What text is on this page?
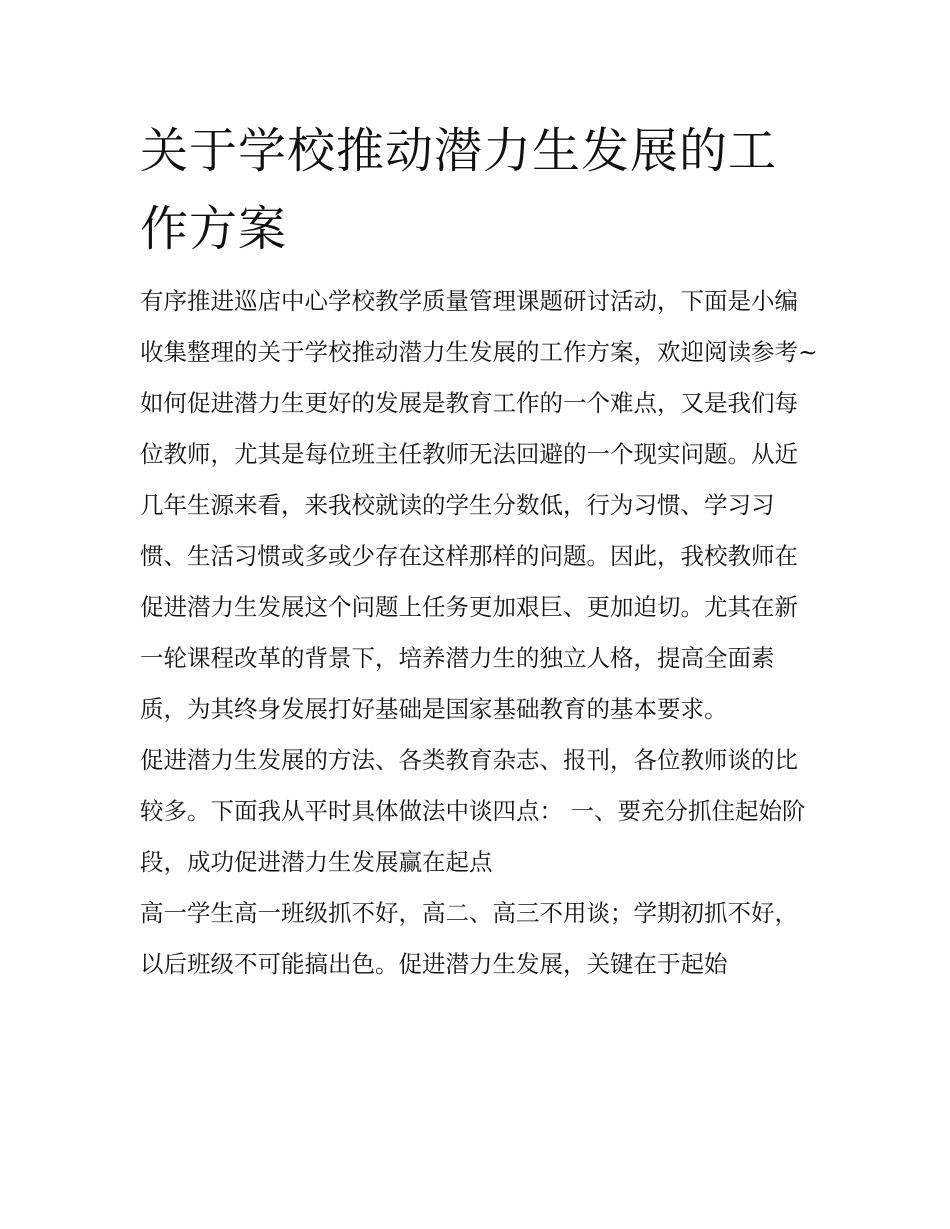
关于学校推动潜力生发展的工作方案

有序推进巡店中心学校教学质量管理课题研讨活动，下面是小编收集整理的关于学校推动潜力生发展的工作方案，欢迎阅读参考~

如何促进潜力生更好的发展是教育工作的一个难点，又是我们每位教师，尤其是每位班主任教师无法回避的一个现实问题。从近几年生源来看，来我校就读的学生分数低，行为习惯、学习习惯、生活习惯或多或少存在这样那样的问题。因此，我校教师在促进潜力生发展这个问题上任务更加艰巨、更加迫切。尤其在新一轮课程改革的背景下，培养潜力生的独立人格，提高全面素质，为其终身发展打好基础是国家基础教育的基本要求。

促进潜力生发展的方法、各类教育杂志、报刊，各位教师谈的比较多。下面我从平时具体做法中谈四点： 一、要充分抓住起始阶段，成功促进潜力生发展赢在起点

高一学生高一班级抓不好，高二、高三不用谈；学期初抓不好，以后班级不可能搞出色。促进潜力生发展，关键在于起始
